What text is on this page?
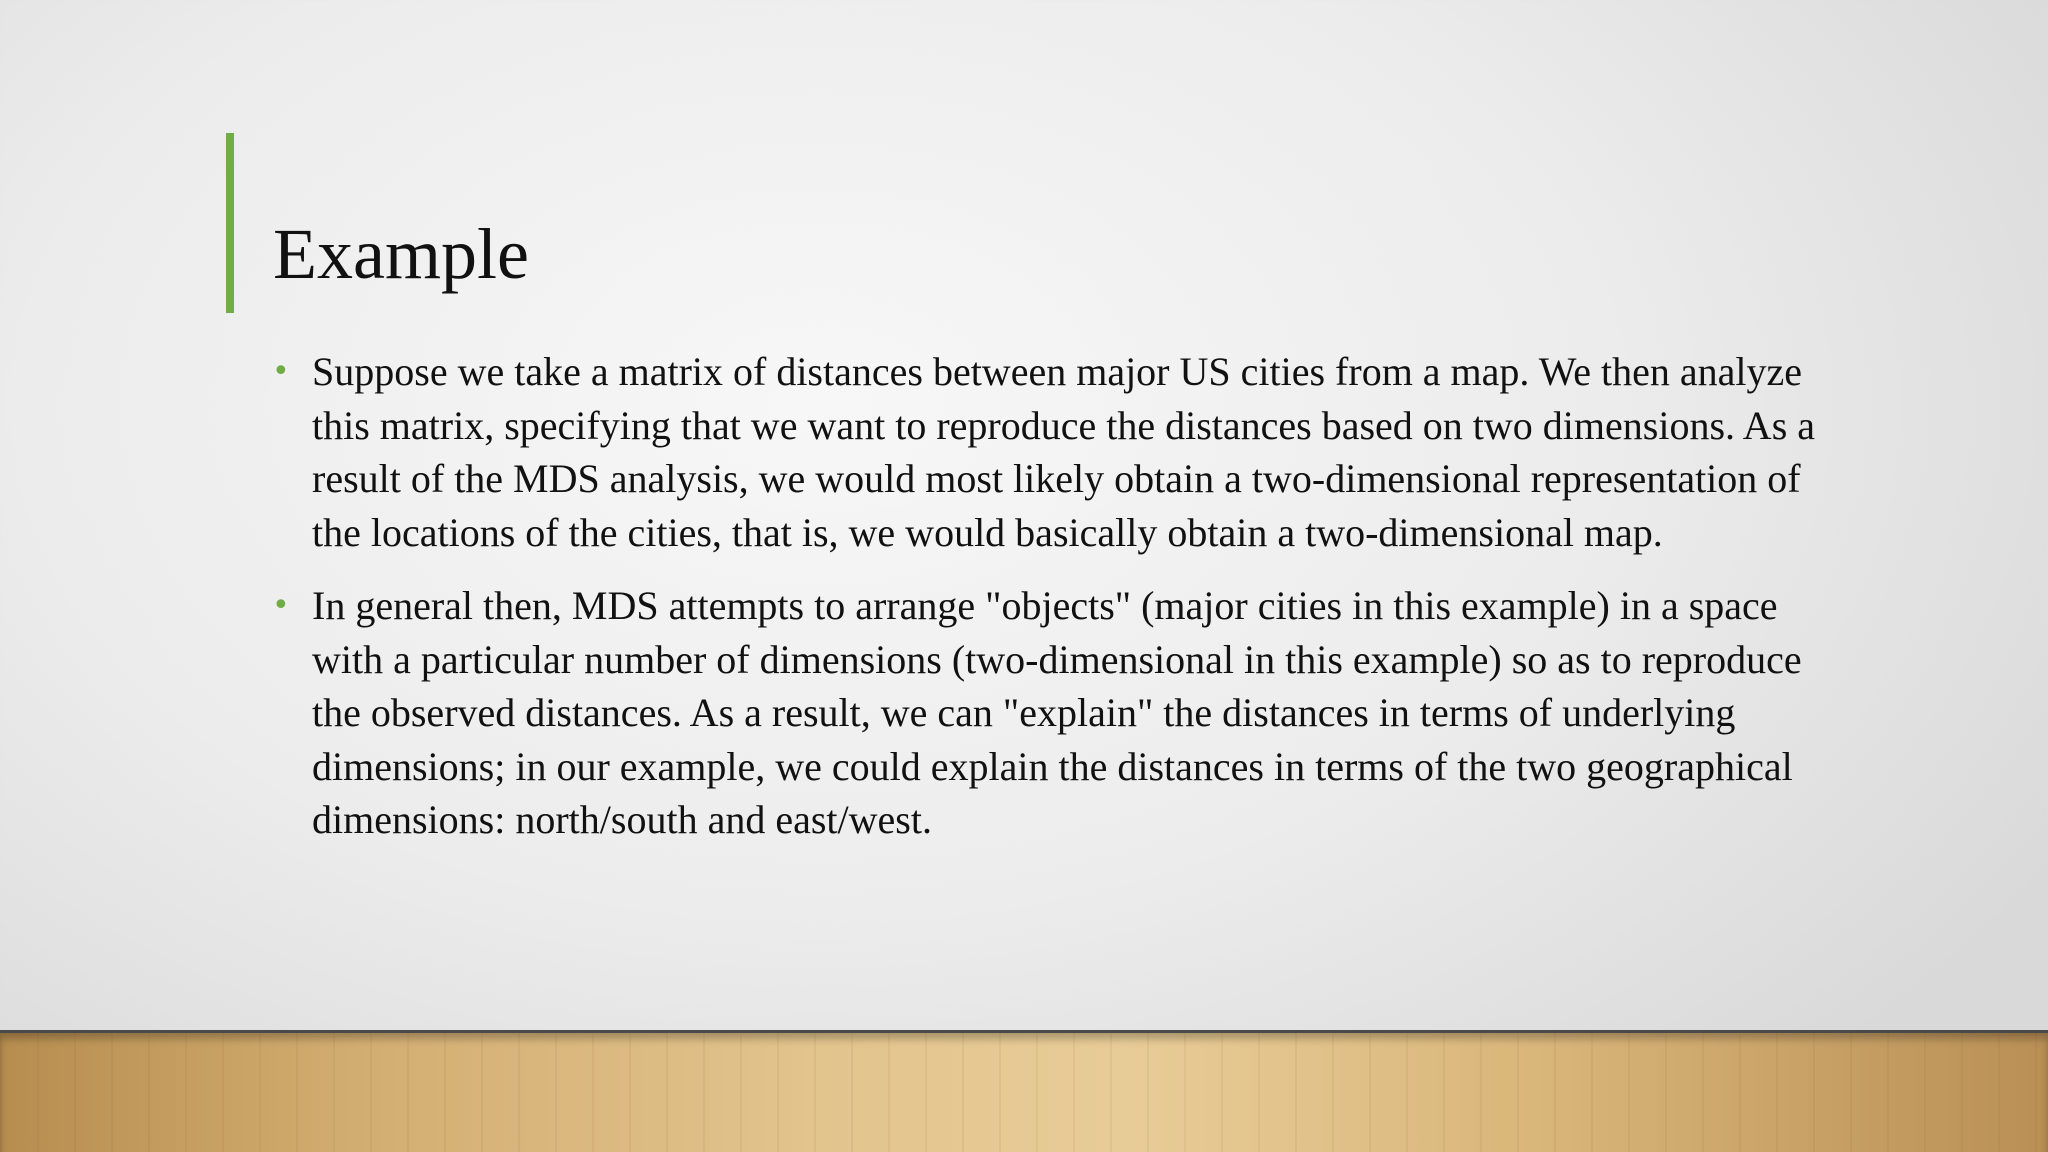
Example
• Suppose we take a matrix of distances between major US cities from a map. We then analyze this matrix, specifying that we want to reproduce the distances based on two dimensions. As a result of the MDS analysis, we would most likely obtain a two-dimensional representation of the locations of the cities, that is, we would basically obtain a two-dimensional map.
• In general then, MDS attempts to arrange "objects" (major cities in this example) in a space with a particular number of dimensions (two-dimensional in this example) so as to reproduce the observed distances. As a result, we can "explain" the distances in terms of underlying dimensions; in our example, we could explain the distances in terms of the two geographical dimensions: north/south and east/west.
